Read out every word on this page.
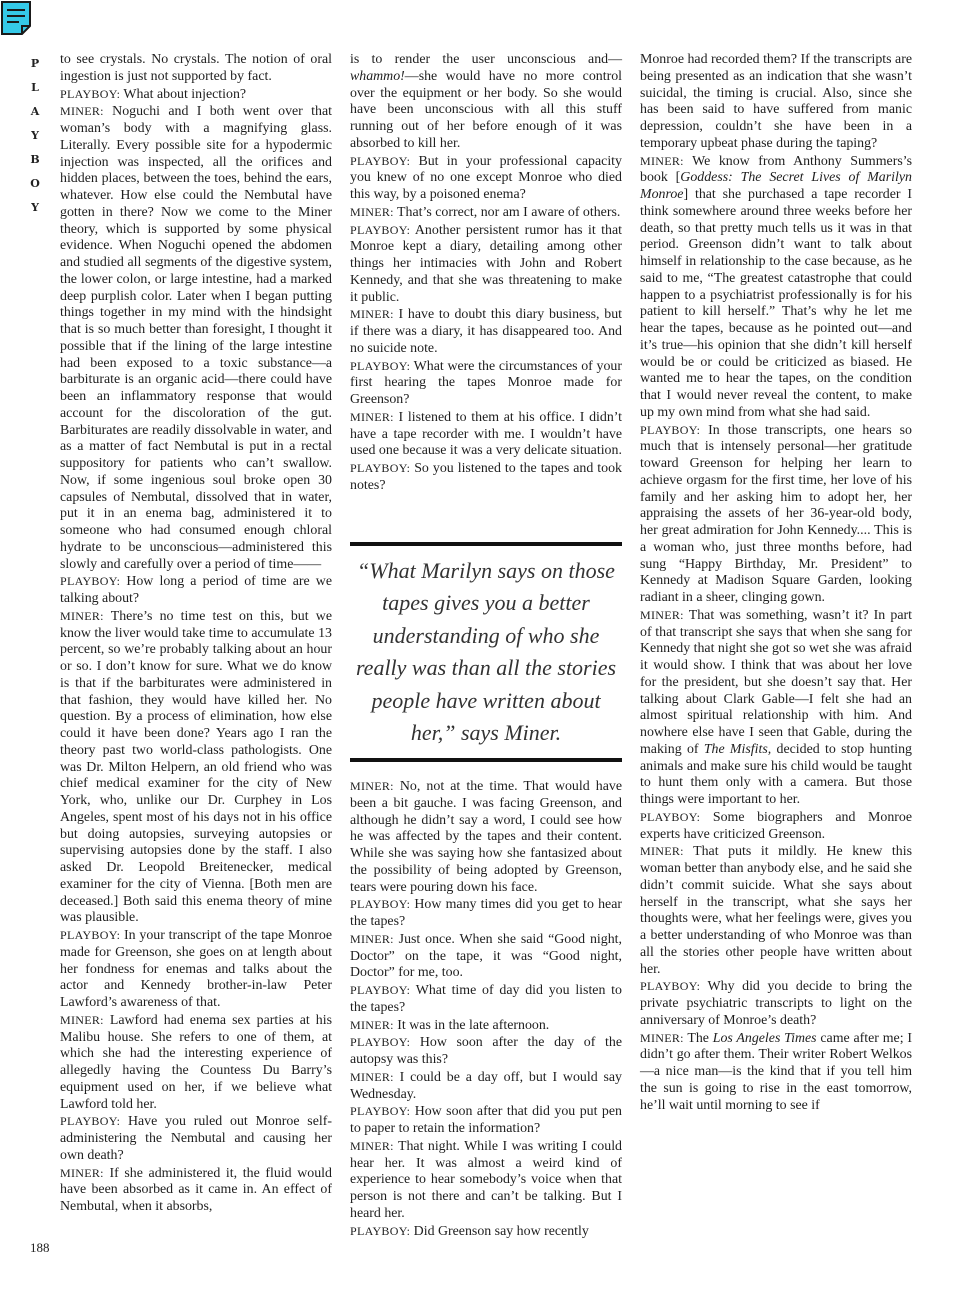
P
L
A
Y
B
O
Y
188

to see crystals. No crystals. The notion of oral ingestion is just not supported by fact.

PLAYBOY: What about injection?

MINER: Noguchi and I both went over that woman’s body with a magnifying glass. Literally. Every possible site for a hypodermic injection was inspected, all the orifices and hidden places, between the toes, behind the ears, whatever. How else could the Nembutal have gotten in there? Now we come to the Miner theory, which is supported by some physical evidence. When Noguchi opened the abdomen and studied all segments of the digestive system, the lower colon, or large intestine, had a marked deep purplish color. Later when I began putting things together in my mind with the hindsight that is so much better than foresight, I thought it possible that if the lining of the large intestine had been exposed to a toxic substance—a barbiturate is an organic acid—there could have been an inflammatory response that would account for the discoloration of the gut. Barbiturates are readily dissolvable in water, and as a matter of fact Nembutal is put in a rectal suppository for patients who can’t swallow. Now, if some ingenious soul broke open 30 capsules of Nembutal, dissolved that in water, put it in an enema bag, administered it to someone who had consumed enough chloral hydrate to be unconscious—administered this slowly and carefully over a period of time——

PLAYBOY: How long a period of time are we talking about?

MINER: There’s no time test on this, but we know the liver would take time to accumulate 13 percent, so we’re probably talking about an hour or so. I don’t know for sure. What we do know is that if the barbiturates were administered in that fashion, they would have killed her. No question. By a process of elimination, how else could it have been done? Years ago I ran the theory past two world-class pathologists. One was Dr. Milton Helpern, an old friend who was chief medical examiner for the city of New York, who, unlike our Dr. Curphey in Los Angeles, spent most of his days not in his office but doing autopsies, surveying autopsies or supervising autopsies done by the staff. I also asked Dr. Leopold Breitenecker, medical examiner for the city of Vienna. [Both men are deceased.] Both said this enema theory of mine was plausible.

PLAYBOY: In your transcript of the tape Monroe made for Greenson, she goes on at length about her fondness for enemas and talks about the actor and Kennedy brother-in-law Peter Lawford’s awareness of that.

MINER: Lawford had enema sex parties at his Malibu house. She refers to one of them, at which she had the interesting experience of allegedly having the Countess Du Barry’s equipment used on her, if we believe what Lawford told her.

PLAYBOY: Have you ruled out Monroe self-administering the Nembutal and causing her own death?

MINER: If she administered it, the fluid would have been absorbed as it came in. An effect of Nembutal, when it absorbs,

is to render the user unconscious and—whammo!—she would have no more control over the equipment or her body. So she would have been unconscious with all this stuff running out of her before enough of it was absorbed to kill her.

PLAYBOY: But in your professional capacity you knew of no one except Monroe who died this way, by a poisoned enema?

MINER: That’s correct, nor am I aware of others.

PLAYBOY: Another persistent rumor has it that Monroe kept a diary, detailing among other things her intimacies with John and Robert Kennedy, and that she was threatening to make it public.

MINER: I have to doubt this diary business, but if there was a diary, it has disappeared too. And no suicide note.

PLAYBOY: What were the circumstances of your first hearing the tapes Monroe made for Greenson?

MINER: I listened to them at his office. I didn’t have a tape recorder with me. I wouldn’t have used one because it was a very delicate situation.

PLAYBOY: So you listened to the tapes and took notes?

“What Marilyn says on those tapes gives you a better understanding of who she really was than all the stories people have written about her,” says Miner.

MINER: No, not at the time. That would have been a bit gauche. I was facing Greenson, and although he didn’t say a word, I could see how he was affected by the tapes and their content. While she was saying how she fantasized about the possibility of being adopted by Greenson, tears were pouring down his face.

PLAYBOY: How many times did you get to hear the tapes?

MINER: Just once. When she said “Good night, Doctor” on the tape, it was “Good night, Doctor” for me, too.

PLAYBOY: What time of day did you listen to the tapes?

MINER: It was in the late afternoon.

PLAYBOY: How soon after the day of the autopsy was this?

MINER: I could be a day off, but I would say Wednesday.

PLAYBOY: How soon after that did you put pen to paper to retain the information?

MINER: That night. While I was writing I could hear her. It was almost a weird kind of experience to hear somebody’s voice when that person is not there and can’t be talking. But I heard her.

PLAYBOY: Did Greenson say how recently

Monroe had recorded them? If the transcripts are being presented as an indication that she wasn’t suicidal, the timing is crucial. Also, since she has been said to have suffered from manic depression, couldn’t she have been in a temporary upbeat phase during the taping?

MINER: We know from Anthony Summers’s book [Goddess: The Secret Lives of Marilyn Monroe] that she purchased a tape recorder I think somewhere around three weeks before her death, so that pretty much tells us it was in that period. Greenson didn’t want to talk about himself in relationship to the case because, as he said to me, “The greatest catastrophe that could happen to a psychiatrist professionally is for his patient to kill herself.” That’s why he let me hear the tapes, because as he pointed out—and it’s true—his opinion that she didn’t kill herself would be or could be criticized as biased. He wanted me to hear the tapes, on the condition that I would never reveal the content, to make up my own mind from what she had said.

PLAYBOY: In those transcripts, one hears so much that is intensely personal—her gratitude toward Greenson for helping her learn to achieve orgasm for the first time, her love of his family and her asking him to adopt her, her appraising the assets of her 36-year-old body, her great admiration for John Kennedy.... This is a woman who, just three months before, had sung “Happy Birthday, Mr. President” to Kennedy at Madison Square Garden, looking radiant in a sheer, clinging gown.

MINER: That was something, wasn’t it? In part of that transcript she says that when she sang for Kennedy that night she got so wet she was afraid it would show. I think that was about her love for the president, but she doesn’t say that. Her talking about Clark Gable—I felt she had an almost spiritual relationship with him. And nowhere else have I seen that Gable, during the making of The Misfits, decided to stop hunting animals and make sure his child would be taught to hunt them only with a camera. But those things were important to her.

PLAYBOY: Some biographers and Monroe experts have criticized Greenson.

MINER: That puts it mildly. He knew this woman better than anybody else, and he said she didn’t commit suicide. What she says about herself in the transcript, what she says her thoughts were, what her feelings were, gives you a better understanding of who Monroe was than all the stories other people have written about her.

PLAYBOY: Why did you decide to bring the private psychiatric transcripts to light on the anniversary of Monroe’s death?

MINER: The Los Angeles Times came after me; I didn’t go after them. Their writer Robert Welkos—a nice man—is the kind that if you tell him the sun is going to rise in the east tomorrow, he’ll wait until morning to see if
